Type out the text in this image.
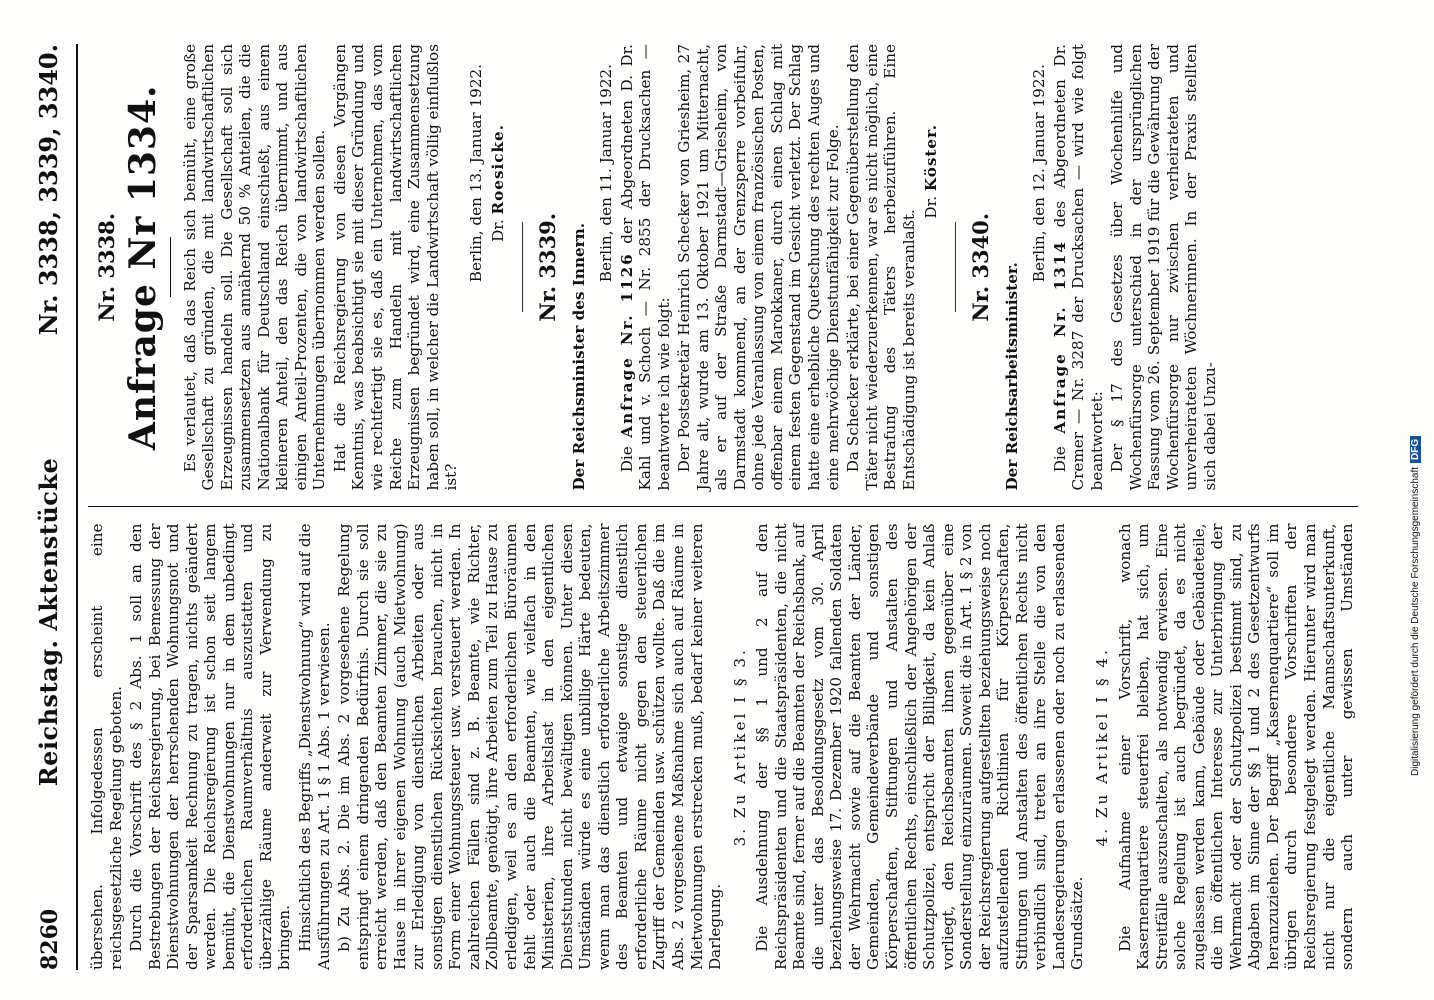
8260
Reichstag. Aktenstücke
Nr. 3338, 3339, 3340.

übersehen. Infolgedessen erscheint eine reichsgesetzliche Regelung geboten. Durch die Vorschrift des § 2 Abs. 1 soll an den Bestrebungen der Reichsregierung, bei Bemessung der Dienstwohnungen der herrschenden Wohnungsnot und der Sparsamkeit Rechnung zu tragen, nichts geändert werden. Die Reichsregierung ist schon seit langem bemüht, die Dienstwohnungen nur in dem unbedingt erforderlichen Raumverhältnis auszustatten und überzählige Räume anderweit zur Verwendung zu bringen. Hinsichtlich des Begriffs „Dienstwohnung“ wird auf die Ausführungen zu Art. 1 § 1 Abs. 1 verwiesen. b) Zu Abs. 2. Die im Abs. 2 vorgesehene Regelung entspringt einem dringenden Bedürfnis. Durch sie soll erreicht werden, daß den Beamten Zimmer, die sie zu Hause in ihrer eigenen Wohnung (auch Mietwohnung) zur Erledigung von dienstlichen Arbeiten oder aus sonstigen dienstlichen Rücksichten brauchen, nicht in Form einer Wohnungssteuer usw. versteuert werden. In zahlreichen Fällen sind z. B. Beamte, wie Richter, Zollbeamte, genötigt, ihre Arbeiten zum Teil zu Hause zu erledigen, weil es an den erforderlichen Büroräumen fehlt oder auch die Beamten, wie vielfach in den Ministerien, ihre Arbeitslast in den eigentlichen Dienststunden nicht bewältigen können. Unter diesen Umständen würde es eine unbillige Härte bedeuten, wenn man das dienstlich erforderliche Arbeitszimmer des Beamten und etwaige sonstige dienstlich erforderliche Räume nicht gegen den steuerlichen Zugriff der Gemeinden usw. schützen wollte. Daß die im Abs. 2 vorgesehene Maßnahme sich auch auf Räume in Mietwohnungen erstrecken muß, bedarf keiner weiteren Darlegung.

3. Zu Artikel I § 3. Die Ausdehnung der §§ 1 und 2 auf den Reichspräsidenten und die Staatspräsidenten, die nicht Beamte sind, ferner auf die Beamten der Reichsbank, auf die unter das Besoldungsgesetz vom 30. April beziehungsweise 17. Dezember 1920 fallenden Soldaten der Wehrmacht sowie auf die Beamten der Länder, Gemeinden, Gemeindeverbände und sonstigen Körperschaften, Stiftungen und Anstalten des öffentlichen Rechts, einschließlich der Angehörigen der Schutzpolizei, entspricht der Billigkeit, da kein Anlaß vorliegt, den Reichsbeamten ihnen gegenüber eine Sonderstellung einzuräumen. Soweit die in Art. 1 § 2 von der Reichsregierung aufgestellten beziehungsweise noch aufzustellenden Richtlinien für Körperschaften, Stiftungen und Anstalten des öffentlichen Rechts nicht verbindlich sind, treten an ihre Stelle die von den Landesregierungen erlassenen oder noch zu erlassenden Grundsätze.

4. Zu Artikel I § 4.

Die Aufnahme einer Vorschrift, wonach Kasernenquartiere steuerfrei bleiben, hat sich, um Streitfälle auszuschalten, als notwendig erwiesen. Eine solche Regelung ist auch begründet, da es nicht zugelassen werden kann, Gebäude oder Gebäudeteile, die im öffentlichen Interesse zur Unterbringung der Wehrmacht oder der Schutzpolizei bestimmt sind, zu Abgaben im Sinne der §§ 1 und 2 des Gesetzentwurfs heranzuziehen. Der Begriff „Kasernenquartiere“ soll im übrigen durch besondere Vorschriften der Reichsregierung festgelegt werden. Hierunter wird man nicht nur die eigentliche Mannschaftsunterkunft, sondern auch unter gewissen Umständen

Nr. 3338. Anfrage Nr 1334. Es verlautet, daß das Reich sich bemüht, eine große Gesellschaft zu gründen, die mit landwirtschaftlichen Erzeugnissen handeln soll. Die Gesellschaft soll sich zusammensetzen aus annähernd 50 % Anteilen, die die Nationalbank für Deutschland einschießt, aus einem kleineren Anteil, den das Reich übernimmt, und aus einigen Anteil-Prozenten, die von landwirtschaftlichen Unternehmungen übernommen werden sollen. Hat die Reichsregierung von diesen Vorgängen Kenntnis, was beabsichtigt sie mit dieser Gründung und wie rechtfertigt sie es, daß ein Unternehmen, das vom Reiche zum Handeln mit landwirtschaftlichen Erzeugnissen begründet wird, eine Zusammensetzung haben soll, in welcher die Landwirtschaft völlig einflußlos ist?

Berlin, den 13. Januar 1922. Dr. Roesicke.

Nr. 3339. Der Reichsminister des Innern.

Berlin, den 11. Januar 1922.

Die Anfrage Nr. 1126 der Abgeordneten D. Dr. Kahl und v. Schoch — Nr. 2855 der Drucksachen — beantworte ich wie folgt: Der Postsekretär Heinrich Schecker von Griesheim, 27 Jahre alt, wurde am 13. Oktober 1921 um Mitternacht, als er auf der Straße Darmstadt—Griesheim, von Darmstadt kommend, an der Grenzsperre vorbeifuhr, ohne jede Veranlassung von einem französischen Posten, offenbar einem Marokkaner, durch einen Schlag mit einem festen Gegenstand im Gesicht verletzt. Der Schlag hatte eine erhebliche Quetschung des rechten Auges und eine mehrwöchige Dienstunfähigkeit zur Folge. Da Schecker erklärte, bei einer Gegenüberstellung den Täter nicht wiederzuerkennen, war es nicht möglich, eine Bestrafung des Täters herbeizuführen. Eine Entschädigung ist bereits veranlaßt.

Dr. Köster.

Nr. 3340. Der Reichsarbeitsminister.

Berlin, den 12. Januar 1922.

Die Anfrage Nr. 1314 des Abgeordneten Dr. Cremer — Nr. 3287 der Drucksachen — wird wie folgt beantwortet: Der § 17 des Gesetzes über Wochenhilfe und Wochenfürsorge unterschied in der ursprünglichen Fassung vom 26. September 1919 für die Gewährung der Wochenfürsorge nur zwischen verheirateten und unverheirateten Wöchnerinnen. In der Praxis stellten sich dabei Unzu-

Digitalisierung gefördert durch die Deutsche ForschungsgemeinschaftDFG
